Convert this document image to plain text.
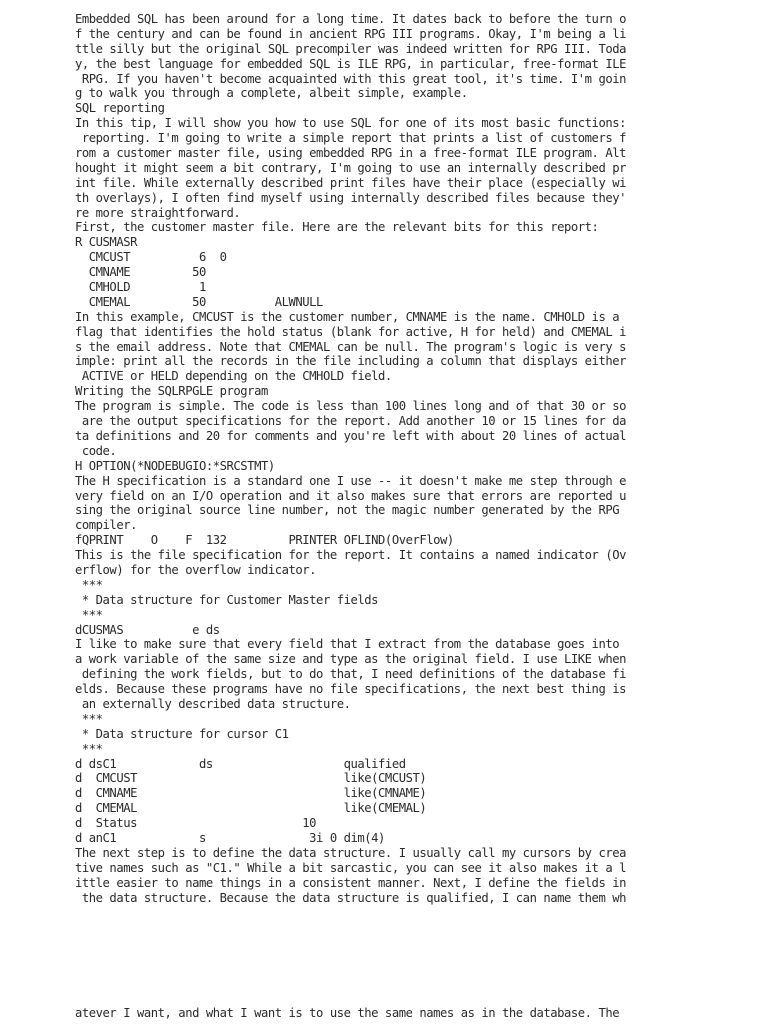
Embedded SQL has been around for a long time. It dates back to before the turn o
f the century and can be found in ancient RPG III programs. Okay, I'm being a li
ttle silly but the original SQL precompiler was indeed written for RPG III. Toda
y, the best language for embedded SQL is ILE RPG, in particular, free-format ILE
RPG. If you haven't become acquainted with this great tool, it's time. I'm goin
g to walk you through a complete, albeit simple, example.
SQL reporting
In this tip, I will show you how to use SQL for one of its most basic functions:
reporting. I'm going to write a simple report that prints a list of customers f
rom a customer master file, using embedded RPG in a free-format ILE program. Alt
hought it might seem a bit contrary, I'm going to use an internally described pr
int file. While externally described print files have their place (especially wi
th overlays), I often find myself using internally described files because they'
re more straightforward.
First, the customer master file. Here are the relevant bits for this report:
R CUSMASR
CMCUST          6  0
CMNAME         50
CMHOLD          1
CMEMAL         50          ALWNULL
In this example, CMCUST is the customer number, CMNAME is the name. CMHOLD is a
flag that identifies the hold status (blank for active, H for held) and CMEMAL i
s the email address. Note that CMEMAL can be null. The program's logic is very s
imple: print all the records in the file including a column that displays either
ACTIVE or HELD depending on the CMHOLD field.
Writing the SQLRPGLE program
The program is simple. The code is less than 100 lines long and of that 30 or so
are the output specifications for the report. Add another 10 or 15 lines for da
ta definitions and 20 for comments and you're left with about 20 lines of actual
code.
H OPTION(*NODEBUGIO:*SRCSTMT)
The H specification is a standard one I use -- it doesn't make me step through e
very field on an I/O operation and it also makes sure that errors are reported u
sing the original source line number, not the magic number generated by the RPG
compiler.
fQPRINT    O    F  132         PRINTER OFLIND(OverFlow)
This is the file specification for the report. It contains a named indicator (Ov
erflow) for the overflow indicator.
***
* Data structure for Customer Master fields
***
dCUSMAS          e ds
I like to make sure that every field that I extract from the database goes into
a work variable of the same size and type as the original field. I use LIKE when
defining the work fields, but to do that, I need definitions of the database fi
elds. Because these programs have no file specifications, the next best thing is
an externally described data structure.
***
* Data structure for cursor C1
***
d dsC1            ds                   qualified
d  CMCUST                              like(CMCUST)
d  CMNAME                              like(CMNAME)
d  CMEMAL                              like(CMEMAL)
d  Status                        10
d anC1            s               3i 0 dim(4)
The next step is to define the data structure. I usually call my cursors by crea
tive names such as "C1." While a bit sarcastic, you can see it also makes it a l
ittle easier to name things in a consistent manner. Next, I define the fields in
the data structure. Because the data structure is qualified, I can name them wh
atever I want, and what I want is to use the same names as in the database. The
